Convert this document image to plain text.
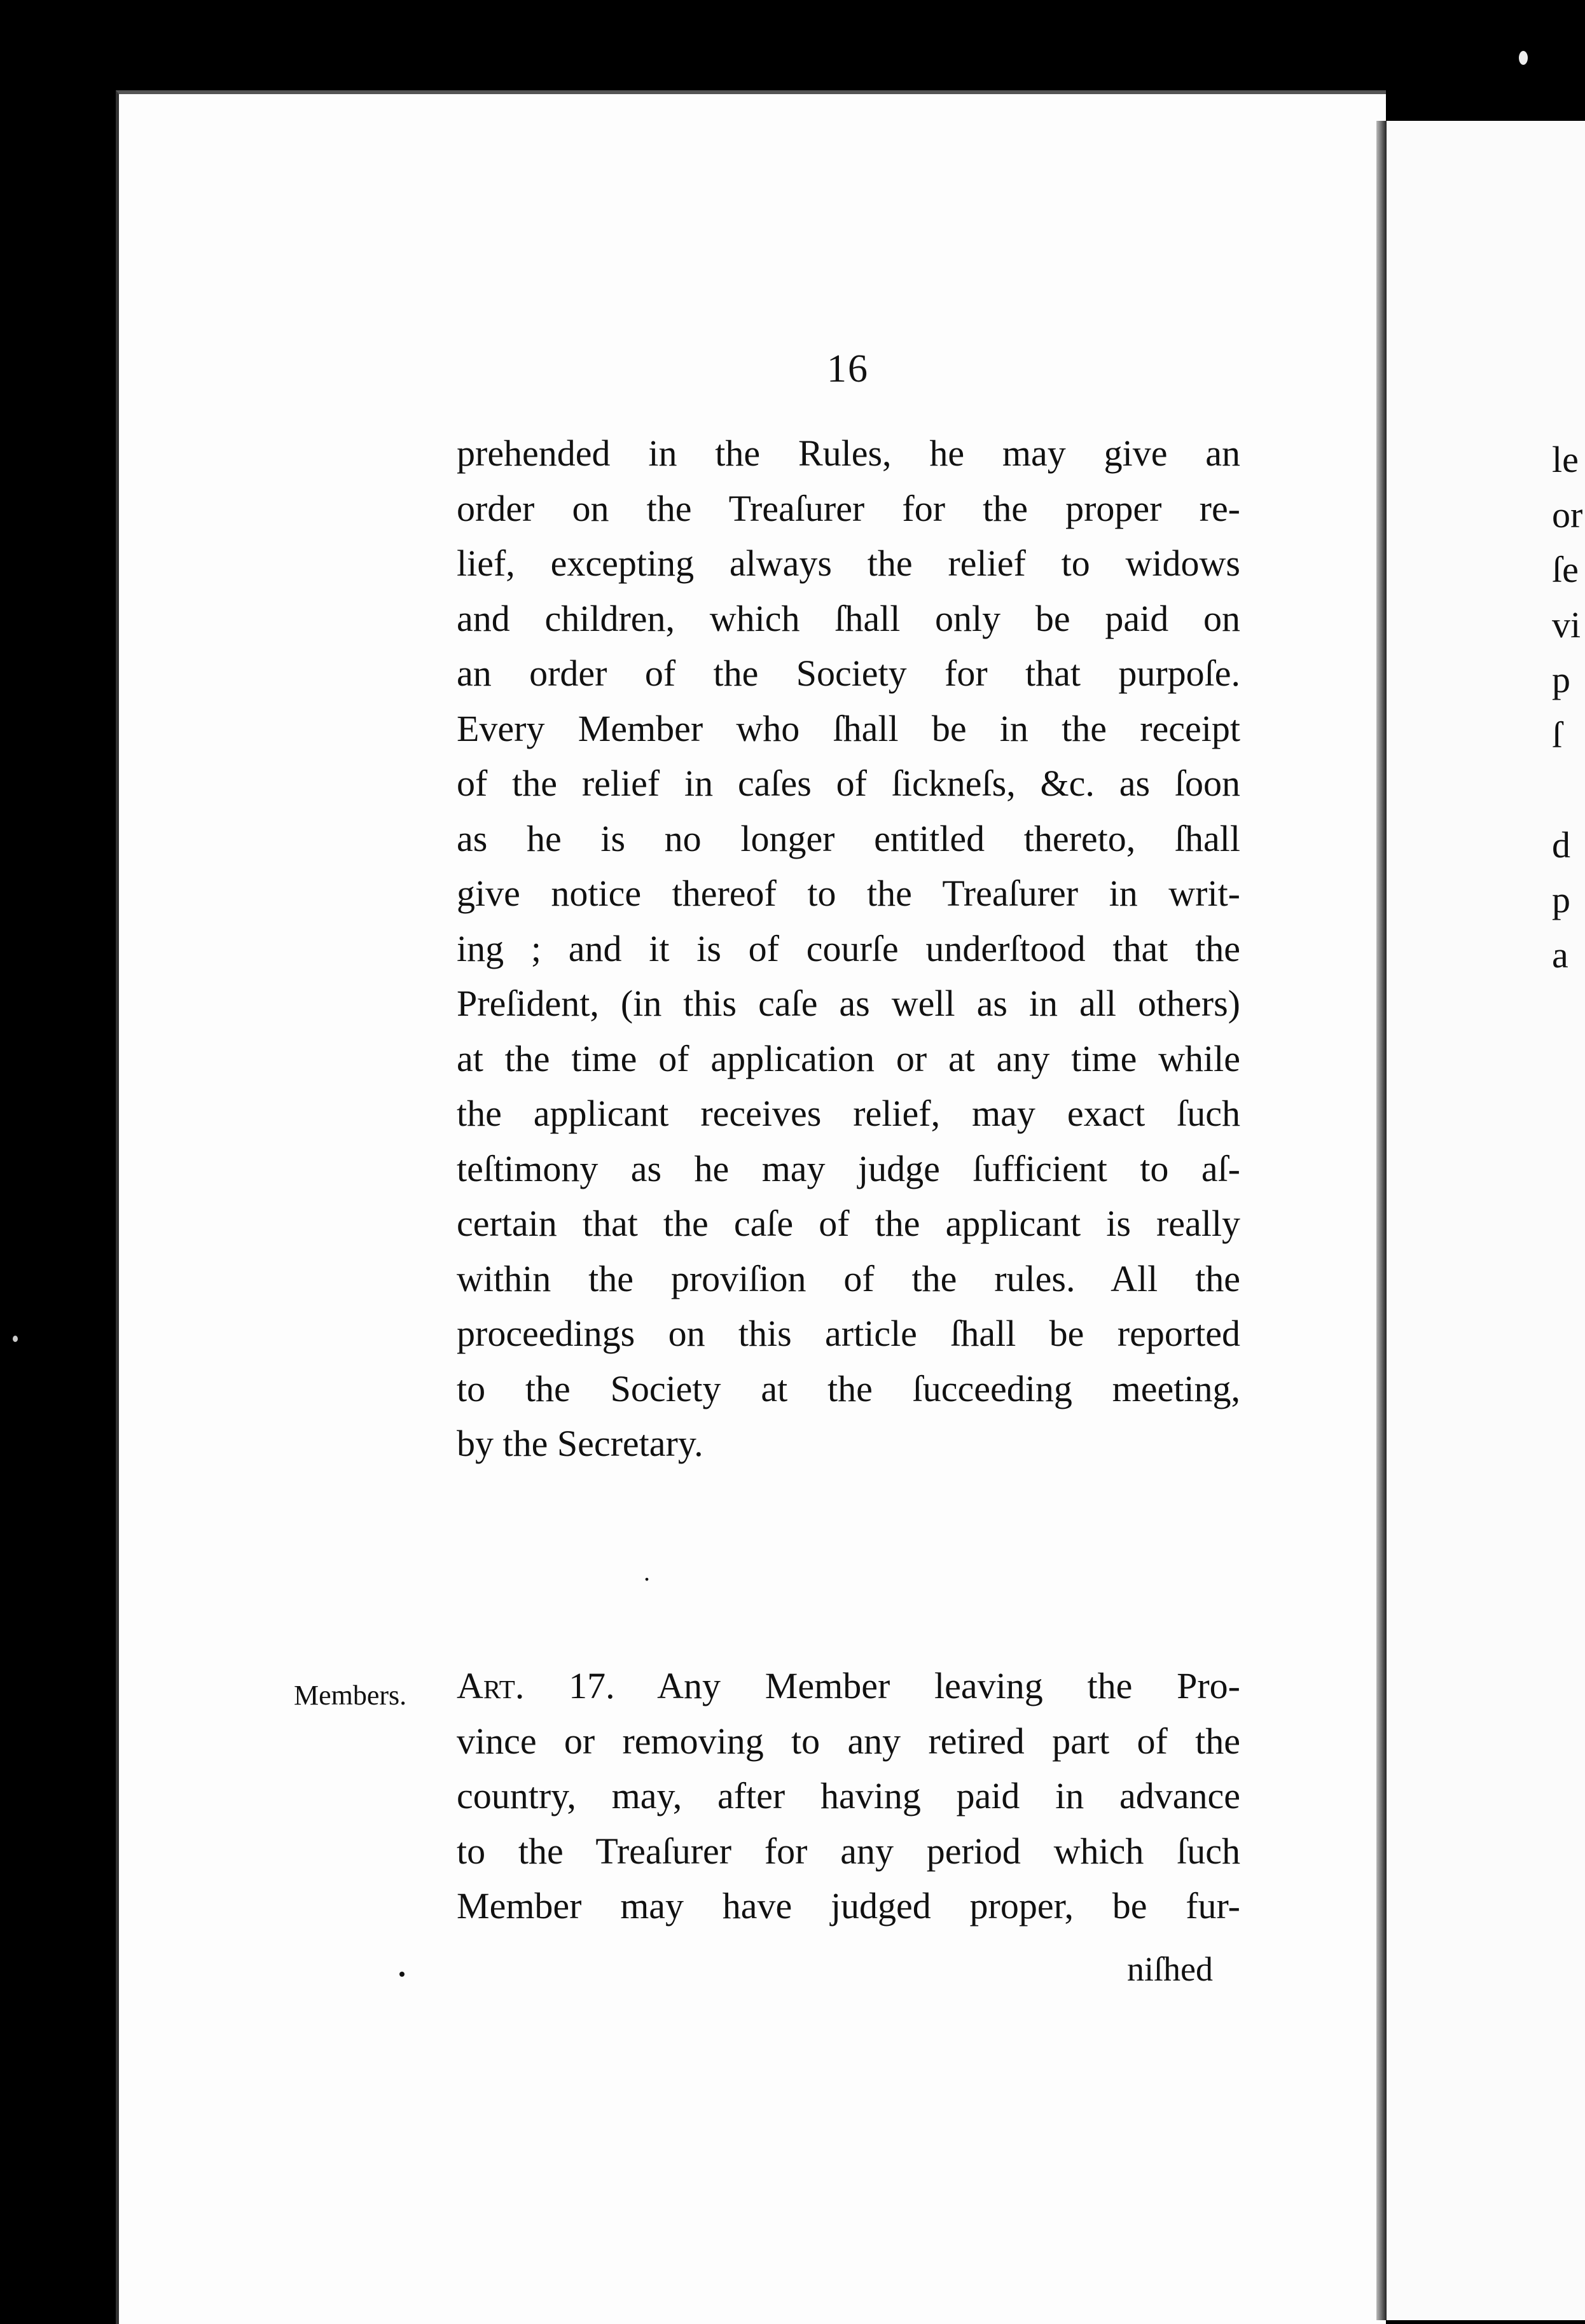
16
prehended in the Rules, he may give an
order on the Treaſurer for the proper re-
lief, excepting always the relief to widows
and children, which ſhall only be paid on
an order of the Society for that purpoſe.
Every Member who ſhall be in the receipt
of the relief in caſes of ſickneſs, &c. as ſoon
as he is no longer entitled thereto, ſhall
give notice thereof to the Treaſurer in writ-
ing ; and it is of courſe underſtood that the
Preſident, (in this caſe as well as in all others)
at the time of application or at any time while
the applicant receives relief, may exact ſuch
teſtimony as he may judge ſufficient to aſ-
certain that the caſe of the applicant is really
within the proviſion of the rules. All the
proceedings on this article ſhall be reported
to the Society at the ſucceeding meeting,
by the Secretary.
.
Members. Art. 17. Any Member leaving the Pro-
vince or removing to any retired part of the
country, may, after having paid in advance
to the Treaſurer for any period which ſuch
Member may have judged proper, be fur-
niſhed
le
or
ſe
vi
p
ſ

d
p
a
